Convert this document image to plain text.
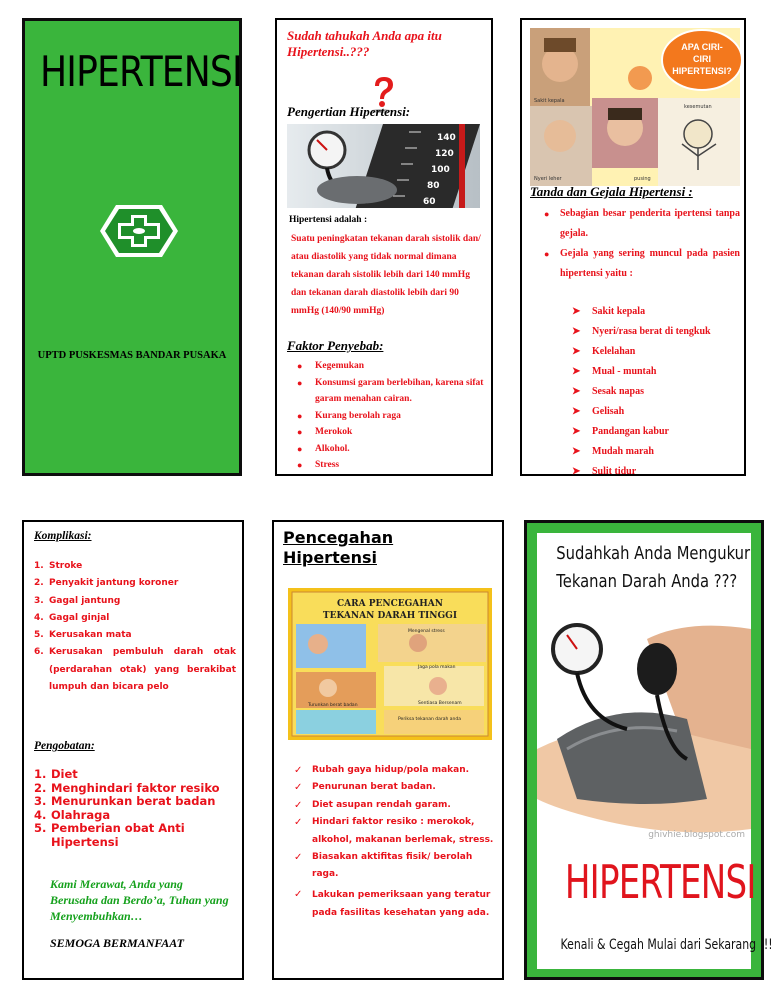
HIPERTENSI
UPTD PUSKESMAS BANDAR PUSAKA
Sudah tahukah Anda apa itu Hipertensi..???
Pengertian Hipertensi:
140
120
100
80
60
Hipertensi adalah :
Suatu peningkatan tekanan darah sistolik dan/ atau diastolik yang tidak normal dimana tekanan darah sistolik lebih dari 140 mmHg dan tekanan darah diastolik lebih dari 90 mmHg (140/90 mmHg)
Faktor Penyebab:
● Kegemukan
● Konsumsi garam berlebihan, karena sifat garam menahan cairan.
● Kurang berolah raga
● Merokok
● Alkohol.
● Stress
APA CIRI-
CIRI
HIPERTENSI?
Sakit kepala
kesemutan
Nyeri leher	pusing
Tanda dan Gejala Hipertensi :
● Sebagian besar penderita ipertensi tanpa gejala.
● Gejala yang sering muncul pada pasien hipertensi yaitu :
➤ Sakit kepala
➤ Nyeri/rasa berat di tengkuk
➤ Kelelahan
➤ Mual - muntah
➤ Sesak napas
➤ Gelisah
➤ Pandangan kabur
➤ Mudah marah
➤ Sulit tidur
Komplikasi:
1. Stroke
2. Penyakit jantung koroner
3. Gagal jantung
4. Gagal ginjal
5. Kerusakan mata
6. Kerusakan pembuluh darah otak (perdarahan otak) yang berakibat lumpuh dan bicara pelo
Pengobatan:
1. Diet
2. Menghindari faktor resiko
3. Menurunkan berat badan
4. Olahraga
5. Pemberian obat Anti Hipertensi
Kami Merawat, Anda yang Berusaha dan Berdo’a, Tuhan yang Menyembuhkan…
SEMOGA BERMANFAAT
Pencegahan Hipertensi
CARA PENCEGAHAN
TEKANAN DARAH TINGGI
Mengenal stress
Jaga pola makan
Turunkan berat badan	Sentiasa Bersenam
Periksa tekanan darah anda
✓ Rubah gaya hidup/pola makan.
✓ Penurunan berat badan.
✓ Diet asupan rendah garam.
✓ Hindari faktor resiko : merokok, alkohol, makanan berlemak, stress.
✓ Biasakan aktifitas fisik/ berolah raga.
✓ Lakukan pemeriksaan yang teratur pada fasilitas kesehatan yang ada.
Sudahkah Anda Mengukur
Tekanan Darah Anda ???
ghivhie.blogspot.com
HIPERTENSI
Kenali & Cegah Mulai dari Sekarang !!!
